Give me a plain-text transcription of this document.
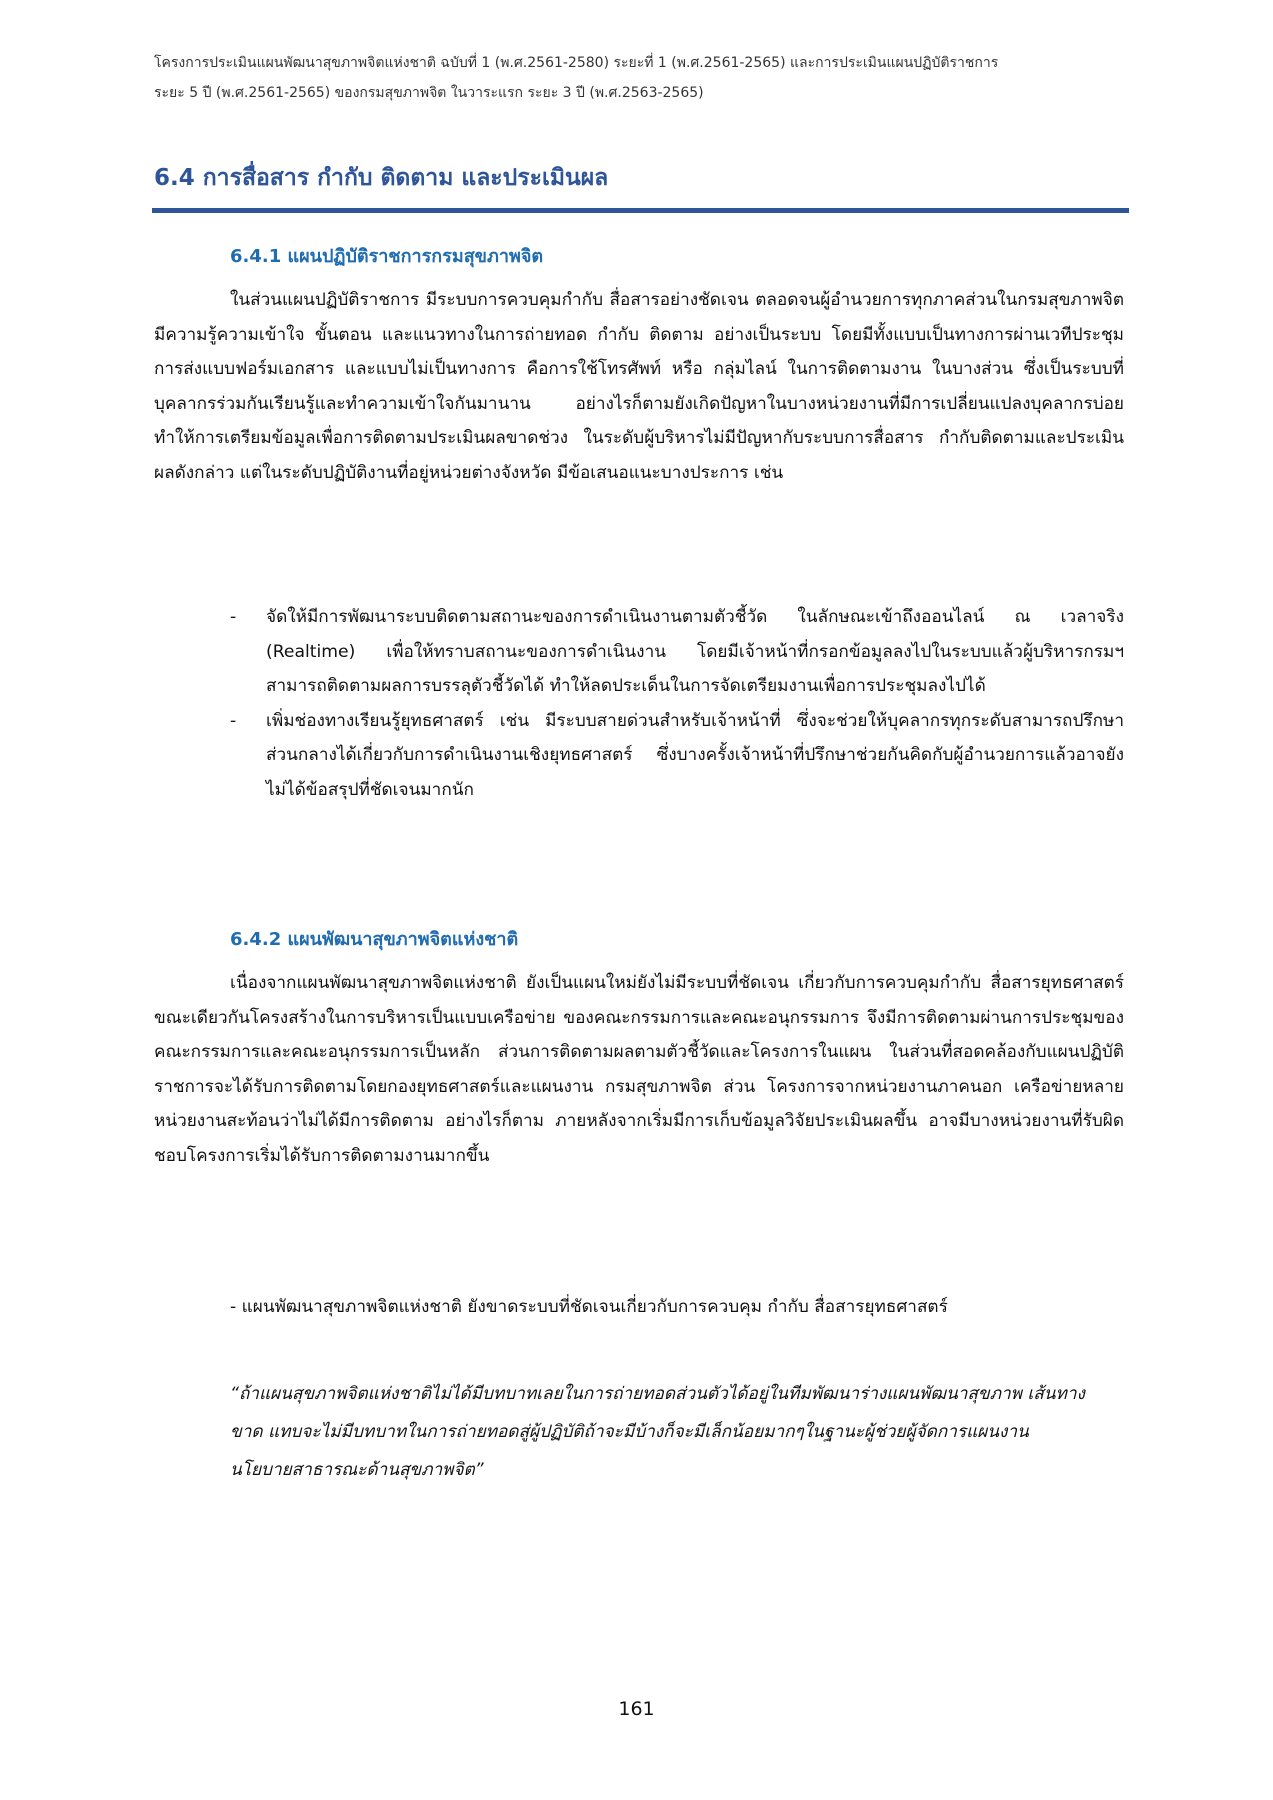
โครงการประเมินแผนพัฒนาสุขภาพจิตแห่งชาติ ฉบับที่ 1 (พ.ศ.2561-2580) ระยะที่ 1 (พ.ศ.2561-2565) และการประเมินแผนปฏิบัติราชการ
ระยะ 5 ปี (พ.ศ.2561-2565) ของกรมสุขภาพจิต ในวาระแรก ระยะ 3 ปี (พ.ศ.2563-2565)
6.4 การสื่อสาร กำกับ ติดตาม และประเมินผล
6.4.1 แผนปฏิบัติราชการกรมสุขภาพจิต
ในส่วนแผนปฏิบัติราชการ มีระบบการควบคุมกำกับ สื่อสารอย่างชัดเจน ตลอดจนผู้อำนวยการทุกภาคส่วนในกรมสุขภาพจิตมีความรู้ความเข้าใจ ขั้นตอน และแนวทางในการถ่ายทอด กำกับ ติดตาม อย่างเป็นระบบ โดยมีทั้งแบบเป็นทางการผ่านเวทีประชุม การส่งแบบฟอร์มเอกสาร และแบบไม่เป็นทางการ คือการใช้โทรศัพท์ หรือ กลุ่มไลน์ ในการติดตามงาน ในบางส่วน ซึ่งเป็นระบบที่บุคลากรร่วมกันเรียนรู้และทำความเข้าใจกันมานาน อย่างไรก็ตามยังเกิดปัญหาในบางหน่วยงานที่มีการเปลี่ยนแปลงบุคลากรบ่อย ทำให้การเตรียมข้อมูลเพื่อการติดตามประเมินผลขาดช่วง ในระดับผู้บริหารไม่มีปัญหากับระบบการสื่อสาร กำกับติดตามและประเมินผลดังกล่าว แต่ในระดับปฏิบัติงานที่อยู่หน่วยต่างจังหวัด มีข้อเสนอแนะบางประการ เช่น
- จัดให้มีการพัฒนาระบบติดตามสถานะของการดำเนินงานตามตัวชี้วัด ในลักษณะเข้าถึงออนไลน์ ณ เวลาจริง (Realtime) เพื่อให้ทราบสถานะของการดำเนินงาน โดยมีเจ้าหน้าที่กรอกข้อมูลลงไปในระบบแล้วผู้บริหารกรมฯ สามารถติดตามผลการบรรลุตัวชี้วัดได้ ทำให้ลดประเด็นในการจัดเตรียมงานเพื่อการประชุมลงไปได้
- เพิ่มช่องทางเรียนรู้ยุทธศาสตร์ เช่น มีระบบสายด่วนสำหรับเจ้าหน้าที่ ซึ่งจะช่วยให้บุคลากรทุกระดับสามารถปรึกษาส่วนกลางได้เกี่ยวกับการดำเนินงานเชิงยุทธศาสตร์ ซึ่งบางครั้งเจ้าหน้าที่ปรึกษาช่วยกันคิดกับผู้อำนวยการแล้วอาจยังไม่ได้ข้อสรุปที่ชัดเจนมากนัก
6.4.2 แผนพัฒนาสุขภาพจิตแห่งชาติ
เนื่องจากแผนพัฒนาสุขภาพจิตแห่งชาติ ยังเป็นแผนใหม่ยังไม่มีระบบที่ชัดเจน เกี่ยวกับการควบคุมกำกับ สื่อสารยุทธศาสตร์ ขณะเดียวกันโครงสร้างในการบริหารเป็นแบบเครือข่าย ของคณะกรรมการและคณะอนุกรรมการ จึงมีการติดตามผ่านการประชุมของคณะกรรมการและคณะอนุกรรมการเป็นหลัก ส่วนการติดตามผลตามตัวชี้วัดและโครงการในแผน ในส่วนที่สอดคล้องกับแผนปฏิบัติราชการจะได้รับการติดตามโดยกองยุทธศาสตร์และแผนงาน กรมสุขภาพจิต ส่วน โครงการจากหน่วยงานภาคนอก เครือข่ายหลายหน่วยงานสะท้อนว่าไม่ได้มีการติดตาม อย่างไรก็ตาม ภายหลังจากเริ่มมีการเก็บข้อมูลวิจัยประเมินผลขึ้น อาจมีบางหน่วยงานที่รับผิดชอบโครงการเริ่มได้รับการติดตามงานมากขึ้น
- แผนพัฒนาสุขภาพจิตแห่งชาติ ยังขาดระบบที่ชัดเจนเกี่ยวกับการควบคุม กำกับ สื่อสารยุทธศาสตร์
“ถ้าแผนสุขภาพจิตแห่งชาติไม่ได้มีบทบาทเลยในการถ่ายทอดส่วนตัวได้อยู่ในทีมพัฒนาร่างแผนพัฒนาสุขภาพ เส้นทางขาด แทบจะไม่มีบทบาทในการถ่ายทอดสู่ผู้ปฏิบัติถ้าจะมีบ้างก็จะมีเล็กน้อยมากๆในฐานะผู้ช่วยผู้จัดการแผนงานนโยบายสาธารณะด้านสุขภาพจิต”
161
